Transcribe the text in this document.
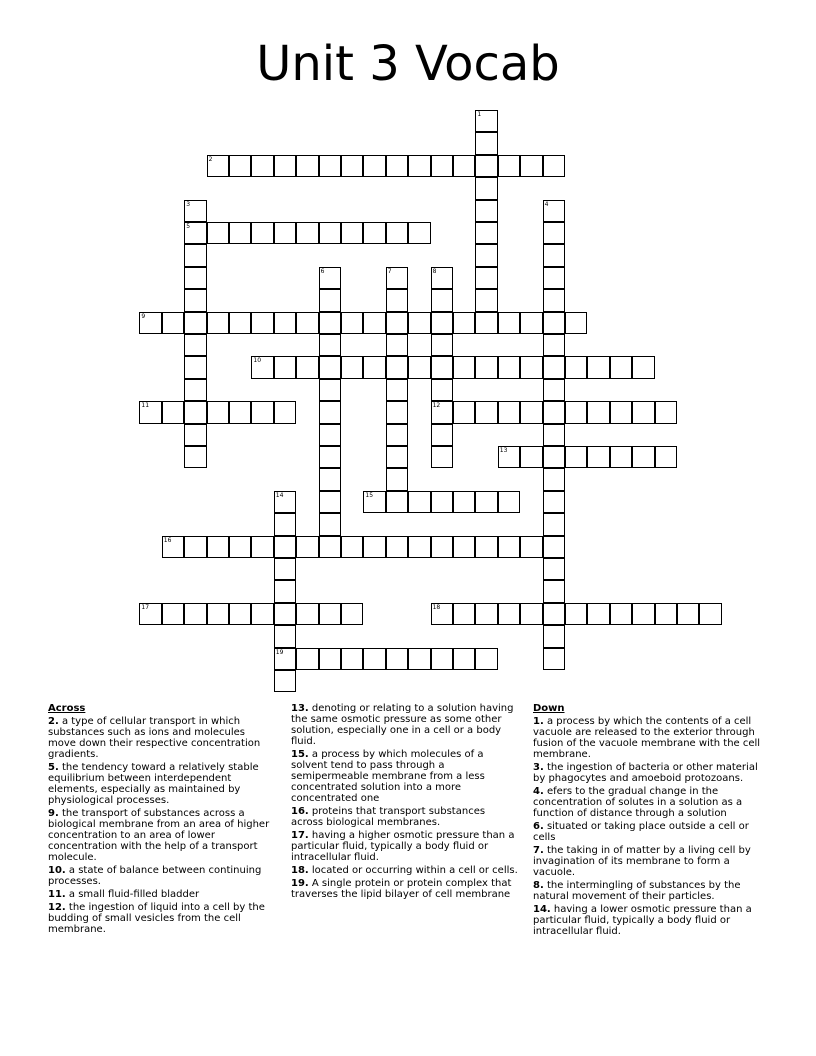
Unit 3 Vocab
1
2
3
5
4
6	7	8
12
9
10
11
13
14
19
15
16
17	18
Across
2. a type of cellular transport in which substances such as ions and molecules move down their respective concentration gradients.
5. the tendency toward a relatively stable equilibrium between interdependent elements, especially as maintained by physiological processes.
9. the transport of substances across a biological membrane from an area of higher concentration to an area of lower concentration with the help of a transport molecule.
10. a state of balance between continuing processes.
11. a small fluid-filled bladder
12. the ingestion of liquid into a cell by the budding of small vesicles from the cell membrane.
13. denoting or relating to a solution having the same osmotic pressure as some other solution, especially one in a cell or a body fluid.
15. a process by which molecules of a solvent tend to pass through a semipermeable membrane from a less concentrated solution into a more concentrated one
16. proteins that transport substances across biological membranes.
17. having a higher osmotic pressure than a particular fluid, typically a body fluid or intracellular fluid.
18. located or occurring within a cell or cells.
19. A single protein or protein complex that traverses the lipid bilayer of cell membrane
Down
1. a process by which the contents of a cell vacuole are released to the exterior through fusion of the vacuole membrane with the cell membrane.
3. the ingestion of bacteria or other material by phagocytes and amoeboid protozoans.
4. efers to the gradual change in the concentration of solutes in a solution as a function of distance through a solution
6. situated or taking place outside a cell or cells
7. the taking in of matter by a living cell by invagination of its membrane to form a vacuole.
8. the intermingling of substances by the natural movement of their particles.
14. having a lower osmotic pressure than a particular fluid, typically a body fluid or intracellular fluid.
